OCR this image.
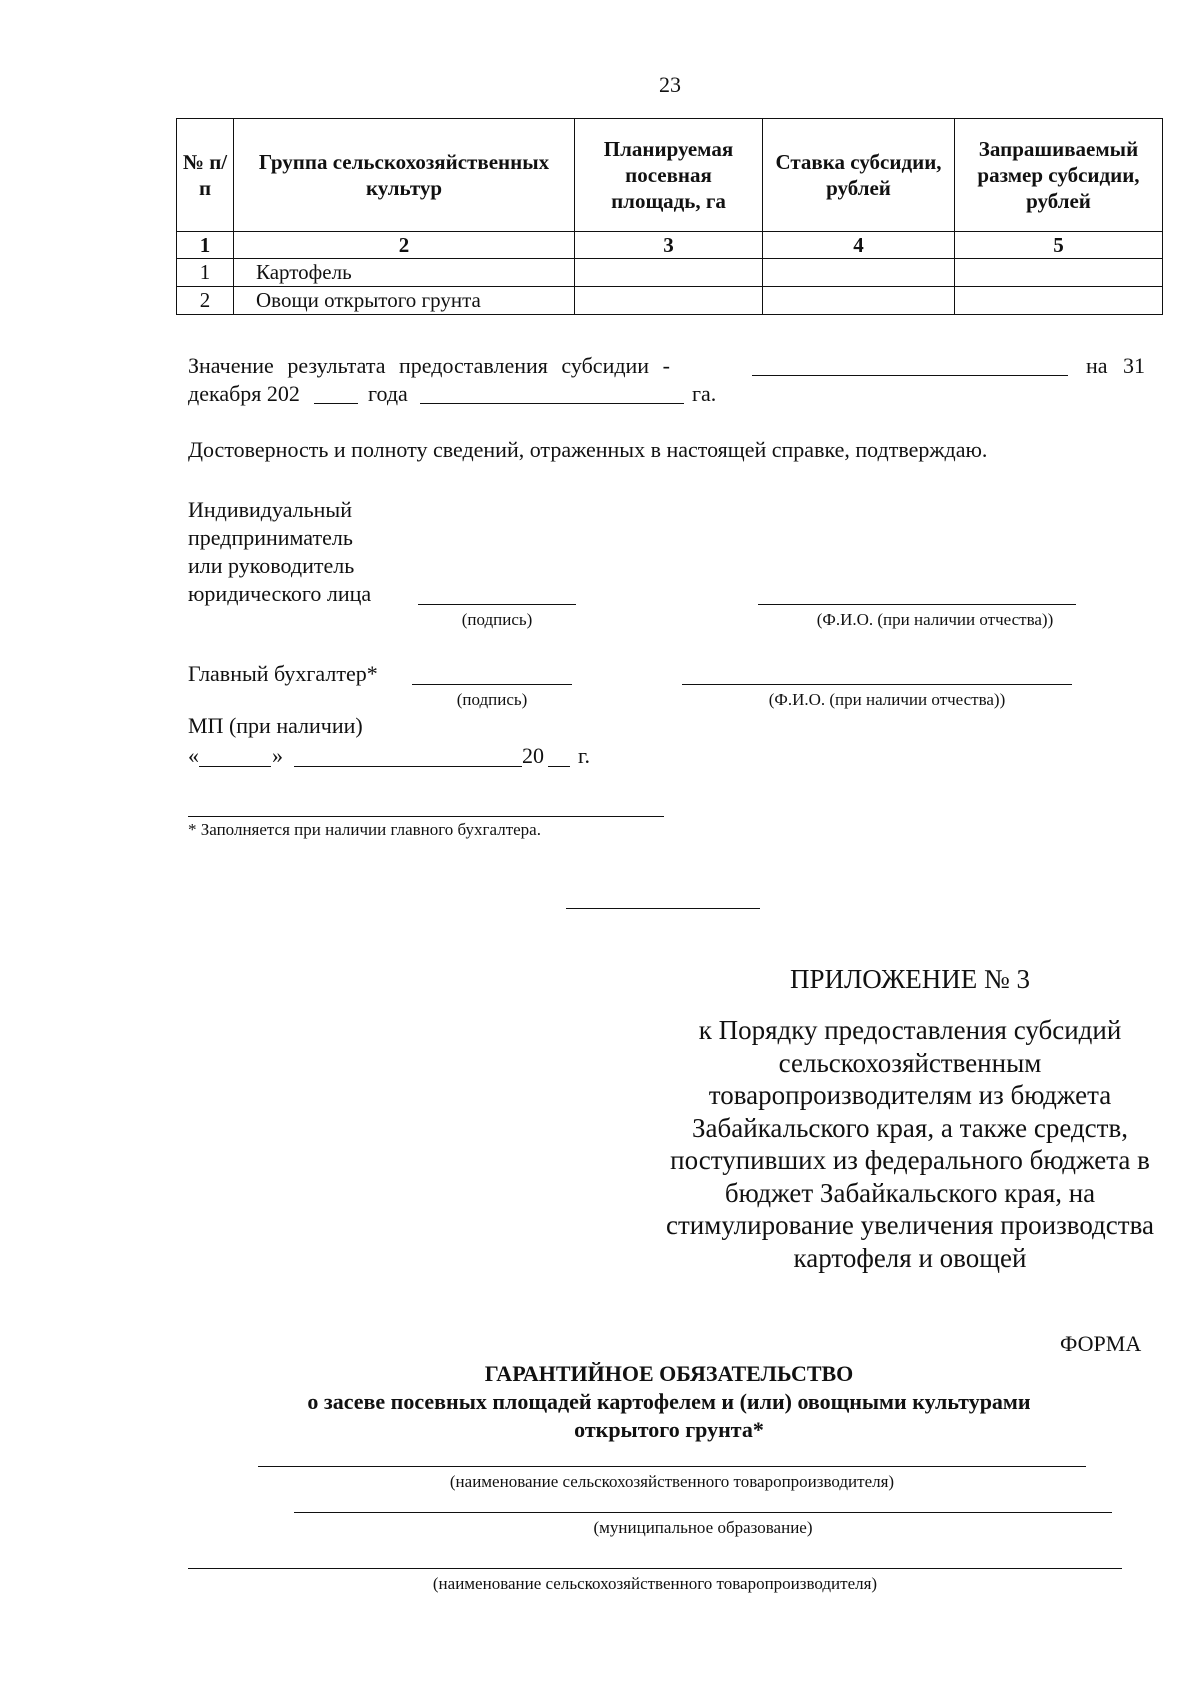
23
№ п/п	Группа сельскохозяйственных культур	Планируемая посевная площадь, га	Ставка субсидии, рублей	Запрашиваемый размер субсидии, рублей
1	2	3	4	5
1	Картофель			
2	Овощи открытого грунта			
Значение результата предоставления субсидии -	на 31
декабря 202	года	га.
Достоверность и полноту сведений, отраженных в настоящей справке, подтверждаю.
Индивидуальный
предприниматель
или руководитель
юридического лица
(подпись)	(Ф.И.О. (при наличии отчества))
Главный бухгалтер*
(подпись)	(Ф.И.О. (при наличии отчества))
МП (при наличии)
«	»	20 г.
* Заполняется при наличии главного бухгалтера.
ПРИЛОЖЕНИЕ № 3
к Порядку предоставления субсидий
сельскохозяйственным
товаропроизводителям из бюджета
Забайкальского края, а также средств,
поступивших из федерального бюджета в
бюджет Забайкальского края, на
стимулирование увеличения производства
картофеля и овощей
ФОРМА
ГАРАНТИЙНОЕ ОБЯЗАТЕЛЬСТВО
о засеве посевных площадей картофелем и (или) овощными культурами
открытого грунта*
(наименование сельскохозяйственного товаропроизводителя)
(муниципальное образование)
(наименование сельскохозяйственного товаропроизводителя)
